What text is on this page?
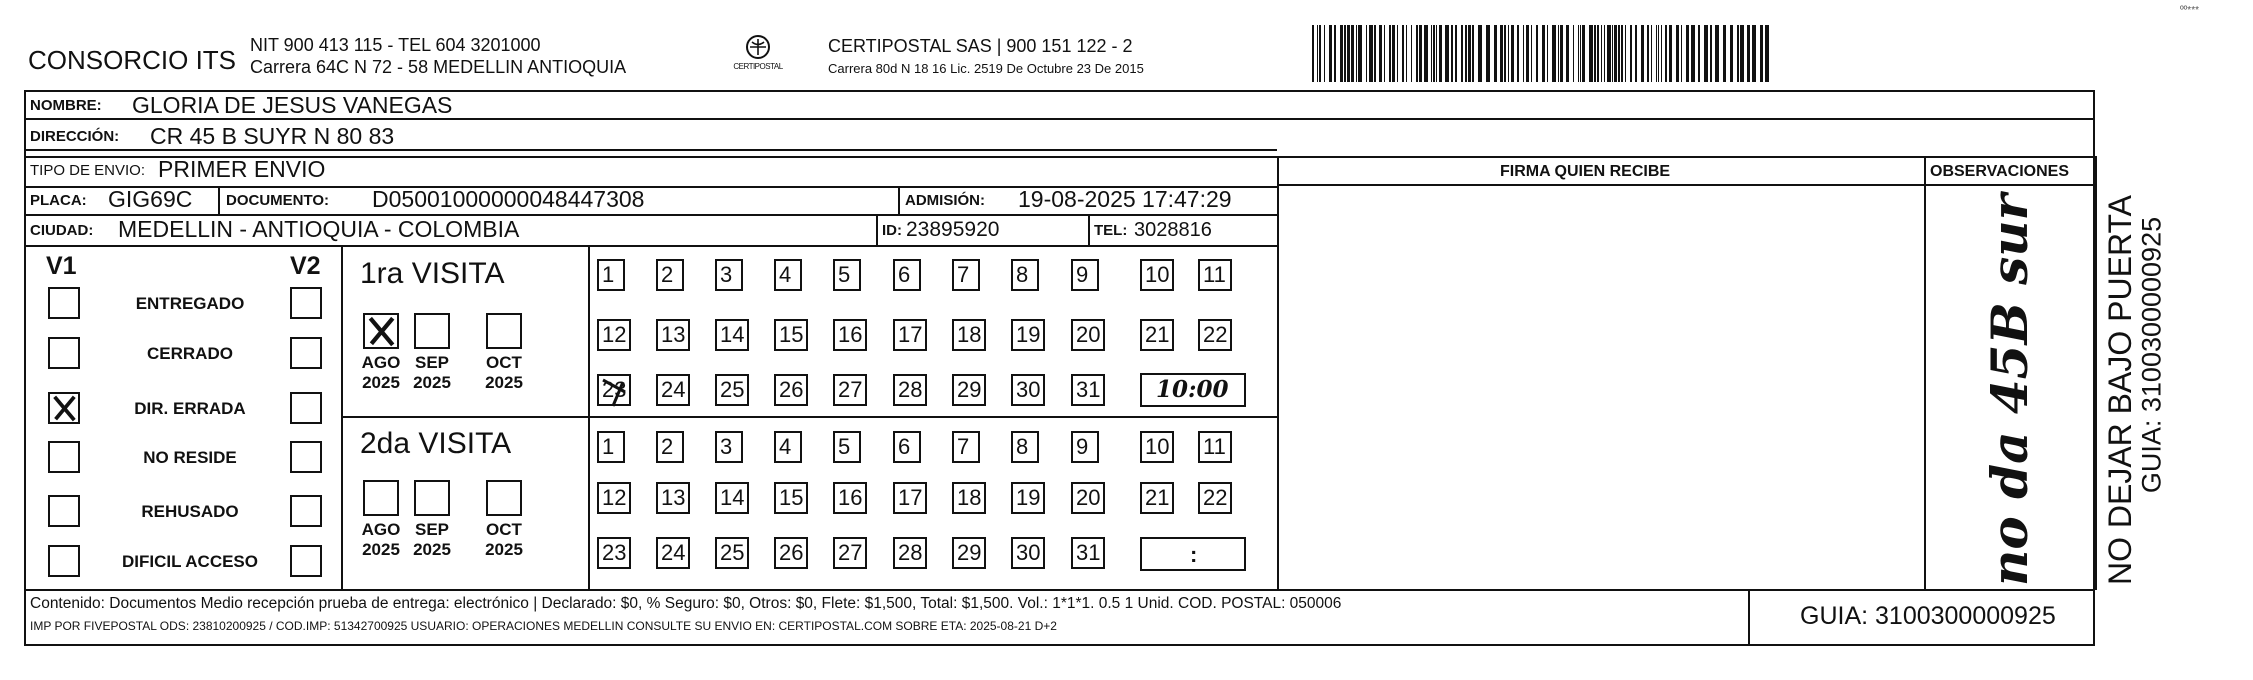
CONSORCIO ITS NIT 900 413 115 - TEL 604 3201000
Carrera 64C N 72 - 58 MEDELLIN ANTIOQUIA	CERTIPOSTAL
CERTIPOSTAL SAS | 900 151 122 - 2
Carrera 80d N 18 16 Lic. 2519 De Octubre 23 De 2015
ºº***
NOMBRE: GLORIA DE JESUS VANEGAS
DIRECCIÓN: CR 45 B SUYR N 80 83
TIPO DE ENVIO: PRIMER ENVIO
PLACA: GIG69C DOCUMENTO: D05001000000048447308	ADMISIÓN: 19-08-2025 17:47:29
CIUDAD: MEDELLIN - ANTIOQUIA - COLOMBIA	ID: 23895920	TEL: 3028816
FIRMA QUIEN RECIBE	OBSERVACIONES
no da 45B sur
V1	V2
ENTREGADO
CERRADO
DIR. ERRADA
NO RESIDE
REHUSADO
DIFICIL ACCESO
1ra VISITA
2da VISITA
AGO
2025
SEP
2025
OCT
2025
AGO
2025
SEP
2025
OCT
2025
1	2	3	4	5	6	7	8	9	10 11
12 13 14 15 16 17 18 19 20 21 22
23 24 25 26 27 28 29 30 31
1	2	3	4	5	6	7	8	9	10 11
12 13 14 15 16 17 18 19 20 21 22
23 24 25 26 27 28 29 30 31
10:00
:
Contenido: Documentos Medio recepción prueba de entrega: electrónico | Declarado: $0, % Seguro: $0, Otros: $0, Flete: $1,500, Total: $1,500. Vol.: 1*1*1. 0.5 1 Unid. COD. POSTAL: 050006
IMP POR FIVEPOSTAL ODS: 23810200925 / COD.IMP: 51342700925 USUARIO: OPERACIONES MEDELLIN CONSULTE SU ENVIO EN: CERTIPOSTAL.COM SOBRE ETA: 2025-08-21 D+2	GUIA: 3100300000925
NO DEJAR BAJO PUERTA
GUIA: 3100300000925
